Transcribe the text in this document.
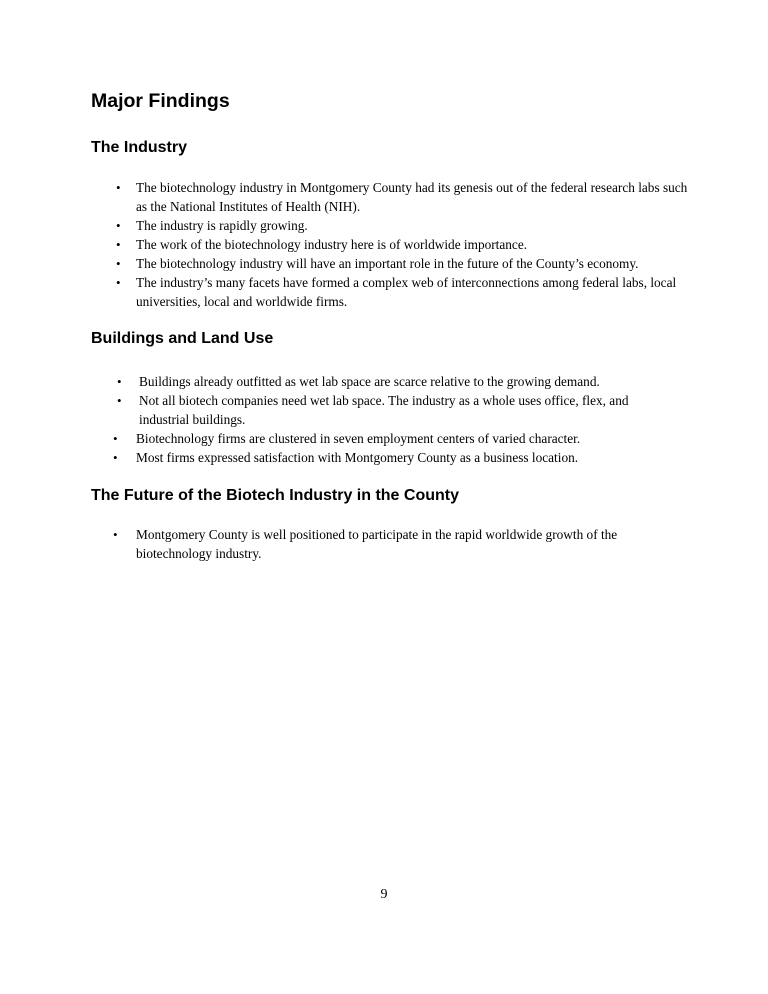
Major Findings
The Industry
•	The biotechnology industry in Montgomery County had its genesis out of the federal research labs such as the National Institutes of Health (NIH).
•	The industry is rapidly growing.
•	The work of the biotechnology industry here is of worldwide importance.
•	The biotechnology industry will have an important role in the future of the County’s economy.
•	The industry’s many facets have formed a complex web of interconnections among federal labs, local universities, local and worldwide firms.
Buildings and Land Use
•	Buildings already outfitted as wet lab space are scarce relative to the growing demand.
•	Not all biotech companies need wet lab space. The industry as a whole uses office, flex, and industrial buildings.
•	Biotechnology firms are clustered in seven employment centers of varied character.
•	Most firms expressed satisfaction with Montgomery County as a business location.
The Future of the Biotech Industry in the County
•	Montgomery County is well positioned to participate in the rapid worldwide growth of the biotechnology industry.
9
